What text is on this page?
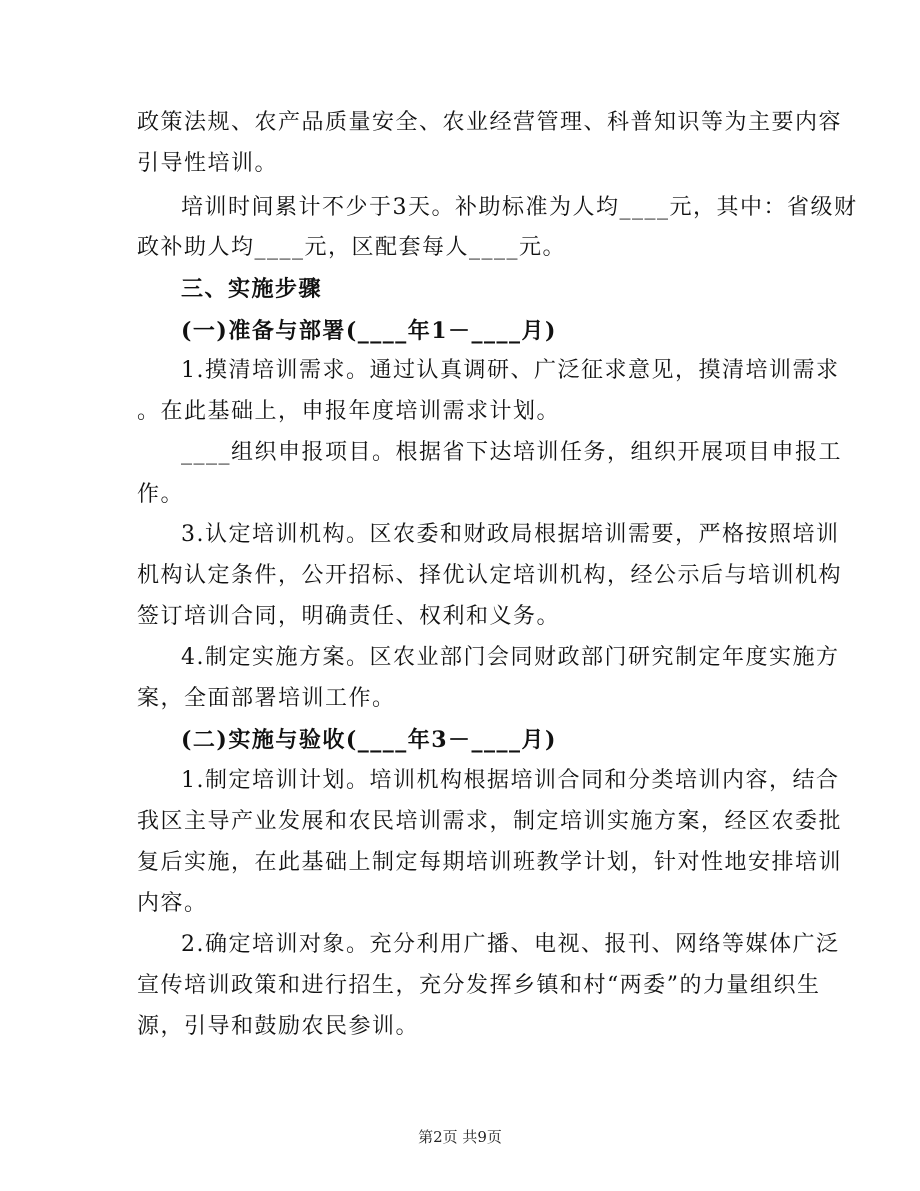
政策法规、农产品质量安全、农业经营管理、科普知识等为主要内容
引导性培训。
培训时间累计不少于3天。补助标准为人均____元，其中：省级财
政补助人均____元，区配套每人____元。
三、实施步骤
(一)准备与部署(____年1－____月)
1.摸清培训需求。通过认真调研、广泛征求意见，摸清培训需求
。在此基础上，申报年度培训需求计划。
____组织申报项目。根据省下达培训任务，组织开展项目申报工
作。
3.认定培训机构。区农委和财政局根据培训需要，严格按照培训
机构认定条件，公开招标、择优认定培训机构，经公示后与培训机构
签订培训合同，明确责任、权利和义务。
4.制定实施方案。区农业部门会同财政部门研究制定年度实施方
案，全面部署培训工作。
(二)实施与验收(____年3－____月)
1.制定培训计划。培训机构根据培训合同和分类培训内容，结合
我区主导产业发展和农民培训需求，制定培训实施方案，经区农委批
复后实施，在此基础上制定每期培训班教学计划，针对性地安排培训
内容。
2.确定培训对象。充分利用广播、电视、报刊、网络等媒体广泛
宣传培训政策和进行招生，充分发挥乡镇和村“两委”的力量组织生
源，引导和鼓励农民参训。
第2页 共9页
